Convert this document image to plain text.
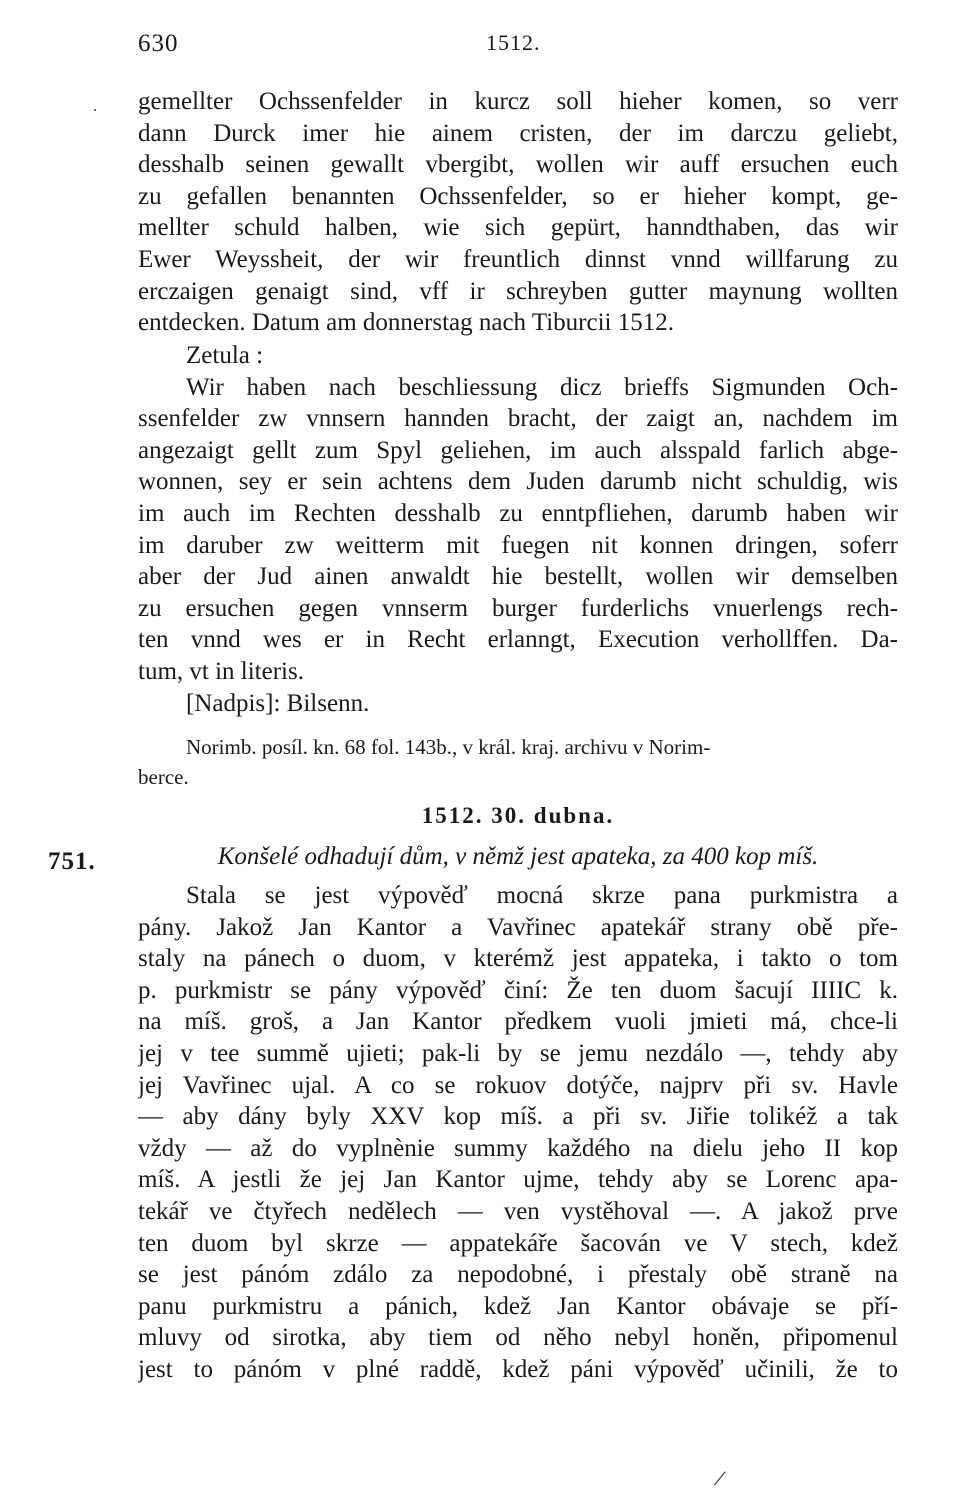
630	1512.
· gemellter Ochssenfelder in kurcz soll hieher komen, so verr
dann Durck imer hie ainem cristen, der im darczu geliebt,
desshalb seinen gewallt vbergibt, wollen wir auff ersuchen euch
zu gefallen benannten Ochssenfelder, so er hieher kompt, ge-
mellter schuld halben, wie sich gepürt, hanndthaben, das wir
Ewer Weyssheit, der wir freuntlich dinnst vnnd willfarung zu
erczaigen genaigt sind, vff ir schreyben gutter maynung wollten
entdecken. Datum am donnerstag nach Tiburcii 1512.
Zetula :
Wir haben nach beschliessung dicz brieffs Sigmunden Och-
ssenfelder zw vnnsern hannden bracht, der zaigt an, nachdem im
angezaigt gellt zum Spyl geliehen, im auch alsspald farlich abge-
wonnen, sey er sein achtens dem Juden darumb nicht schuldig, wis
im auch im Rechten desshalb zu enntpfliehen, darumb haben wir
im daruber zw weitterm mit fuegen nit konnen dringen, soferr
aber der Jud ainen anwaldt hie bestellt, wollen wir demselben
zu ersuchen gegen vnnserm burger furderlichs vnuerlengs rech-
ten vnnd wes er in Recht erlanngt, Execution verhollffen. Da-
tum, vt in literis.
[Nadpis]: Bilsenn.
Norimb. posíl. kn. 68 fol. 143b., v král. kraj. archivu v Norim-
berce.
1512. 30. dubna.
751.	Konšelé odhadují dům, v němž jest apateka, za 400 kop míš.
Stala se jest výpověď mocná skrze pana purkmistra a
pány. Jakož Jan Kantor a Vavřinec apatekář strany obě pře-
staly na pánech o duom, v kterémž jest appateka, i takto o tom
p. purkmistr se pány výpověď činí: Že ten duom šacují IIIIC k.
na míš. groš, a Jan Kantor předkem vuoli jmieti má, chce-li
jej v tee summě ujieti; pak-li by se jemu nezdálo —, tehdy aby
jej Vavřinec ujal. A co se rokuov dotýče, najprv při sv. Havle
— aby dány byly XXV kop míš. a při sv. Jiřie tolikéž a tak
vždy — až do vyplnènie summy každého na dielu jeho II kop
míš. A jestli že jej Jan Kantor ujme, tehdy aby se Lorenc apa-
tekář ve čtyřech nedělech — ven vystěhoval —. A jakož prve
ten duom byl skrze — appatekáře šacován ve V stech, kdež
se jest pánóm zdálo za nepodobné, i přestaly obě straně na
panu purkmistru a pánich, kdež Jan Kantor obávaje se pří-
mluvy od sirotka, aby tiem od něho nebyl honěn, připomenul
jest to pánóm v plné raddě, kdež páni výpověď učinili, že to
/
